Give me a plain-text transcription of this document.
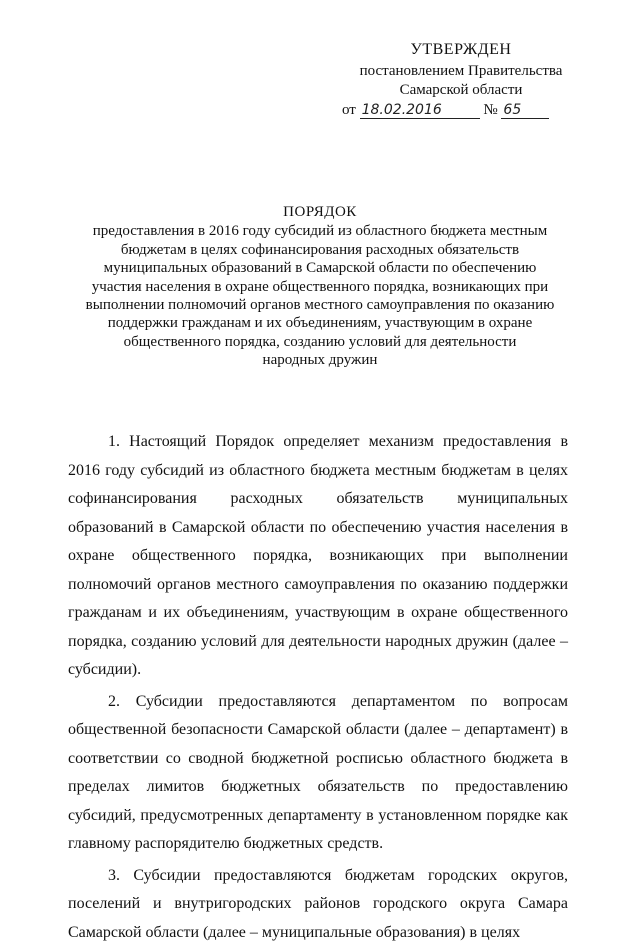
УТВЕРЖДЕН
постановлением Правительства
Самарской области
от 18.02.2016	№ 65
ПОРЯДОК
предоставления в 2016 году субсидий из областного бюджета местным
бюджетам в целях софинансирования расходных обязательств
муниципальных образований в Самарской области по обеспечению
участия населения в охране общественного порядка, возникающих при
выполнении полномочий органов местного самоуправления по оказанию
поддержки гражданам и их объединениям, участвующим в охране
общественного порядка, созданию условий для деятельности
народных дружин

1. Настоящий Порядок определяет механизм предоставления в 2016 году субсидий из областного бюджета местным бюджетам в целях софинансирования расходных обязательств муниципальных образований в Самарской области по обеспечению участия населения в охране общественного порядка, возникающих при выполнении полномочий органов местного самоуправления по оказанию поддержки гражданам и их объединениям, участвующим в охране общественного порядка, созданию условий для деятельности народных дружин (далее – субсидии).

2. Субсидии предоставляются департаментом по вопросам общественной безопасности Самарской области (далее – департамент) в соответствии со сводной бюджетной росписью областного бюджета в пределах лимитов бюджетных обязательств по предоставлению субсидий, предусмотренных департаменту в установленном порядке как главному распорядителю бюджетных средств.

3. Субсидии предоставляются бюджетам городских округов, поселений и внутригородских районов городского округа Самара Самарской области (далее – муниципальные образования) в целях
